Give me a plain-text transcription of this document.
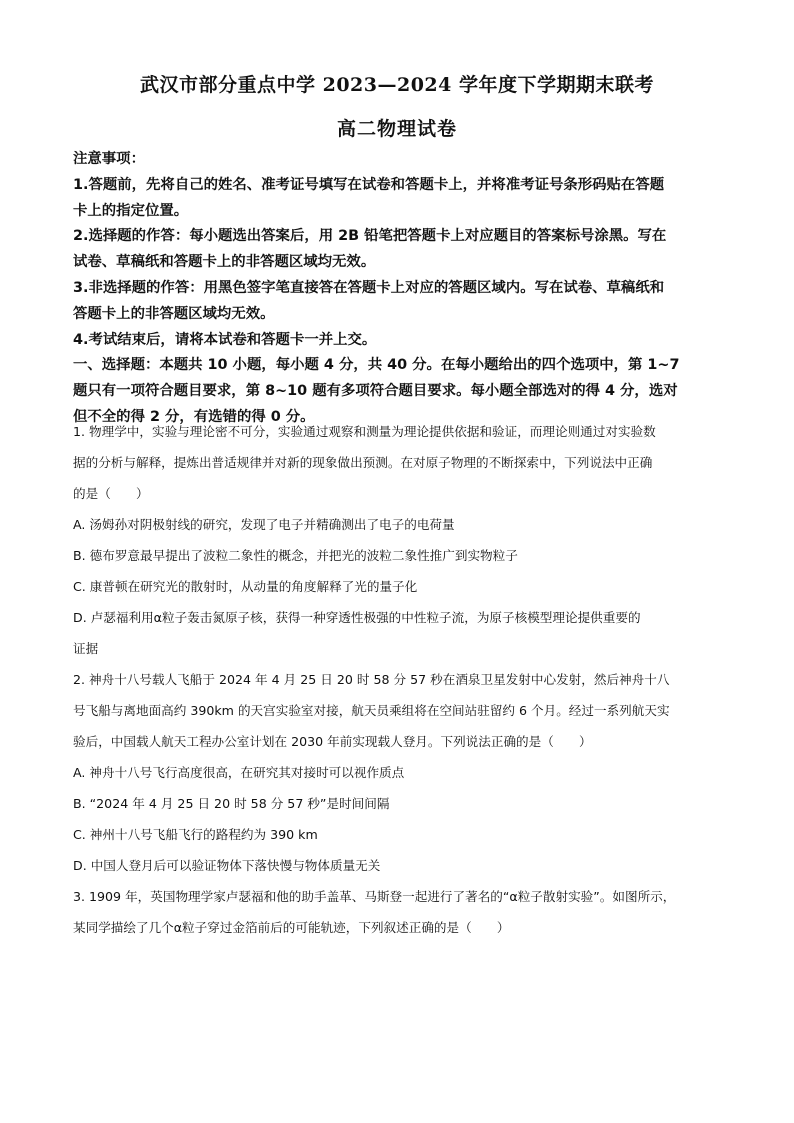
武汉市部分重点中学 2023—2024 学年度下学期期末联考
高二物理试卷

注意事项：

1.答题前，先将自己的姓名、准考证号填写在试卷和答题卡上，并将准考证号条形码贴在答题

卡上的指定位置。

2.选择题的作答：每小题选出答案后，用 2B 铅笔把答题卡上对应题目的答案标号涂黑。写在

试卷、草稿纸和答题卡上的非答题区域均无效。

3.非选择题的作答：用黑色签字笔直接答在答题卡上对应的答题区域内。写在试卷、草稿纸和

答题卡上的非答题区域均无效。

4.考试结束后，请将本试卷和答题卡一并上交。

一、选择题：本题共 10 小题，每小题 4 分，共 40 分。在每小题给出的四个选项中，第 1~7

题只有一项符合题目要求，第 8~10 题有多项符合题目要求。每小题全部选对的得 4 分，选对

但不全的得 2 分，有选错的得 0 分。

1. 物理学中，实验与理论密不可分，实验通过观察和测量为理论提供依据和验证，而理论则通过对实验数

据的分析与解释，提炼出普适规律并对新的现象做出预测。在对原子物理的不断探索中，下列说法中正确

的是（　　）

A. 汤姆孙对阴极射线的研究，发现了电子并精确测出了电子的电荷量

B. 德布罗意最早提出了波粒二象性的概念，并把光的波粒二象性推广到实物粒子

C. 康普顿在研究光的散射时，从动量的角度解释了光的量子化

D. 卢瑟福利用α粒子轰击氮原子核，获得一种穿透性极强的中性粒子流，为原子核模型理论提供重要的

证据

2. 神舟十八号载人飞船于 2024 年 4 月 25 日 20 时 58 分 57 秒在酒泉卫星发射中心发射，然后神舟十八

号飞船与离地面高约 390km 的天宫实验室对接，航天员乘组将在空间站驻留约 6 个月。经过一系列航天实

验后，中国载人航天工程办公室计划在 2030 年前实现载人登月。下列说法正确的是（　　）

A. 神舟十八号飞行高度很高，在研究其对接时可以视作质点

B. “2024 年 4 月 25 日 20 时 58 分 57 秒”是时间间隔

C. 神州十八号飞船飞行的路程约为 390 km

D. 中国人登月后可以验证物体下落快慢与物体质量无关

3. 1909 年，英国物理学家卢瑟福和他的助手盖革、马斯登一起进行了著名的“α粒子散射实验”。如图所示，

某同学描绘了几个α粒子穿过金箔前后的可能轨迹，下列叙述正确的是（　　）
